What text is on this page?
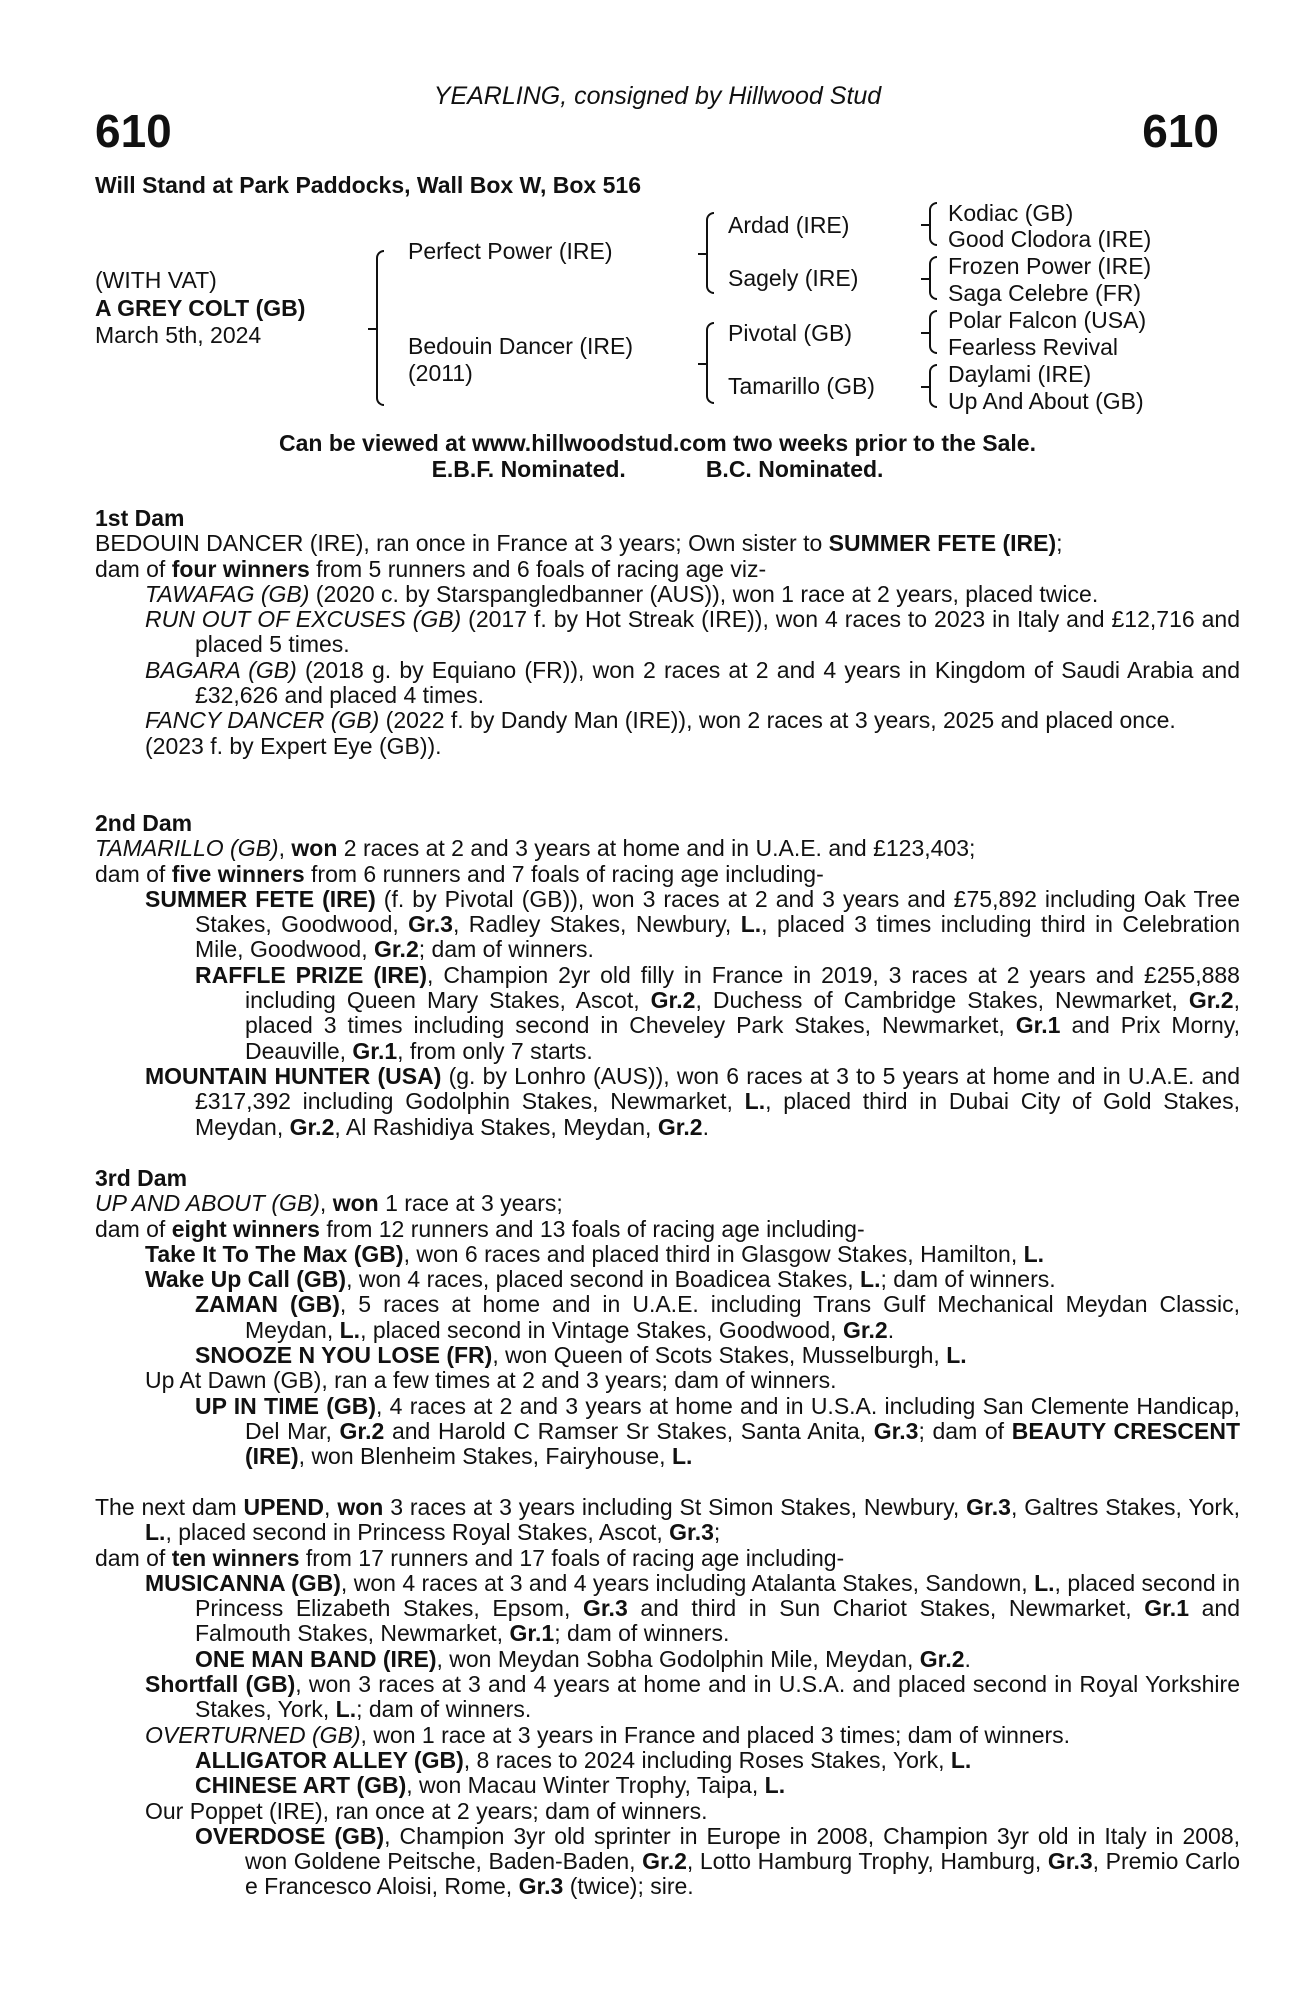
YEARLING, consigned by Hillwood Stud
610	610
Will Stand at Park Paddocks, Wall Box W, Box 516
(WITH VAT)
A GREY COLT (GB)
March 5th, 2024
Perfect Power (IRE)
Bedouin Dancer (IRE)
(2011)
Ardad (IRE)
Sagely (IRE)
Pivotal (GB)
Tamarillo (GB)
Kodiac (GB)
Good Clodora (IRE)
Frozen Power (IRE)
Saga Celebre (FR)
Polar Falcon (USA)
Fearless Revival
Daylami (IRE)
Up And About (GB)
Can be viewed at www.hillwoodstud.com two weeks prior to the Sale.
E.B.F. Nominated.	B.C. Nominated.
1st Dam
BEDOUIN DANCER (IRE), ran once in France at 3 years; Own sister to SUMMER FETE (IRE);
dam of four winners from 5 runners and 6 foals of racing age viz-
TAWAFAG (GB) (2020 c. by Starspangledbanner (AUS)), won 1 race at 2 years, placed twice.
RUN OUT OF EXCUSES (GB) (2017 f. by Hot Streak (IRE)), won 4 races to 2023 in Italy and £12,716 and placed 5 times.
BAGARA (GB) (2018 g. by Equiano (FR)), won 2 races at 2 and 4 years in Kingdom of Saudi Arabia and £32,626 and placed 4 times.
FANCY DANCER (GB) (2022 f. by Dandy Man (IRE)), won 2 races at 3 years, 2025 and placed once.
(2023 f. by Expert Eye (GB)).
2nd Dam
TAMARILLO (GB), won 2 races at 2 and 3 years at home and in U.A.E. and £123,403;
dam of five winners from 6 runners and 7 foals of racing age including-
SUMMER FETE (IRE) (f. by Pivotal (GB)), won 3 races at 2 and 3 years and £75,892 including Oak Tree Stakes, Goodwood, Gr.3, Radley Stakes, Newbury, L., placed 3 times including third in Celebration Mile, Goodwood, Gr.2; dam of winners.
RAFFLE PRIZE (IRE), Champion 2yr old filly in France in 2019, 3 races at 2 years and £255,888 including Queen Mary Stakes, Ascot, Gr.2, Duchess of Cambridge Stakes, Newmarket, Gr.2, placed 3 times including second in Cheveley Park Stakes, Newmarket, Gr.1 and Prix Morny, Deauville, Gr.1, from only 7 starts.
MOUNTAIN HUNTER (USA) (g. by Lonhro (AUS)), won 6 races at 3 to 5 years at home and in U.A.E. and £317,392 including Godolphin Stakes, Newmarket, L., placed third in Dubai City of Gold Stakes, Meydan, Gr.2, Al Rashidiya Stakes, Meydan, Gr.2.
3rd Dam
UP AND ABOUT (GB), won 1 race at 3 years;
dam of eight winners from 12 runners and 13 foals of racing age including-
Take It To The Max (GB), won 6 races and placed third in Glasgow Stakes, Hamilton, L.
Wake Up Call (GB), won 4 races, placed second in Boadicea Stakes, L.; dam of winners.
ZAMAN (GB), 5 races at home and in U.A.E. including Trans Gulf Mechanical Meydan Classic, Meydan, L., placed second in Vintage Stakes, Goodwood, Gr.2.
SNOOZE N YOU LOSE (FR), won Queen of Scots Stakes, Musselburgh, L.
Up At Dawn (GB), ran a few times at 2 and 3 years; dam of winners.
UP IN TIME (GB), 4 races at 2 and 3 years at home and in U.S.A. including San Clemente Handicap, Del Mar, Gr.2 and Harold C Ramser Sr Stakes, Santa Anita, Gr.3; dam of BEAUTY CRESCENT (IRE), won Blenheim Stakes, Fairyhouse, L.
The next dam UPEND, won 3 races at 3 years including St Simon Stakes, Newbury, Gr.3, Galtres Stakes, York, L., placed second in Princess Royal Stakes, Ascot, Gr.3;
dam of ten winners from 17 runners and 17 foals of racing age including-
MUSICANNA (GB), won 4 races at 3 and 4 years including Atalanta Stakes, Sandown, L., placed second in Princess Elizabeth Stakes, Epsom, Gr.3 and third in Sun Chariot Stakes, Newmarket, Gr.1 and Falmouth Stakes, Newmarket, Gr.1; dam of winners.
ONE MAN BAND (IRE), won Meydan Sobha Godolphin Mile, Meydan, Gr.2.
Shortfall (GB), won 3 races at 3 and 4 years at home and in U.S.A. and placed second in Royal Yorkshire Stakes, York, L.; dam of winners.
OVERTURNED (GB), won 1 race at 3 years in France and placed 3 times; dam of winners.
ALLIGATOR ALLEY (GB), 8 races to 2024 including Roses Stakes, York, L.
CHINESE ART (GB), won Macau Winter Trophy, Taipa, L.
Our Poppet (IRE), ran once at 2 years; dam of winners.
OVERDOSE (GB), Champion 3yr old sprinter in Europe in 2008, Champion 3yr old in Italy in 2008, won Goldene Peitsche, Baden-Baden, Gr.2, Lotto Hamburg Trophy, Hamburg, Gr.3, Premio Carlo e Francesco Aloisi, Rome, Gr.3 (twice); sire.
